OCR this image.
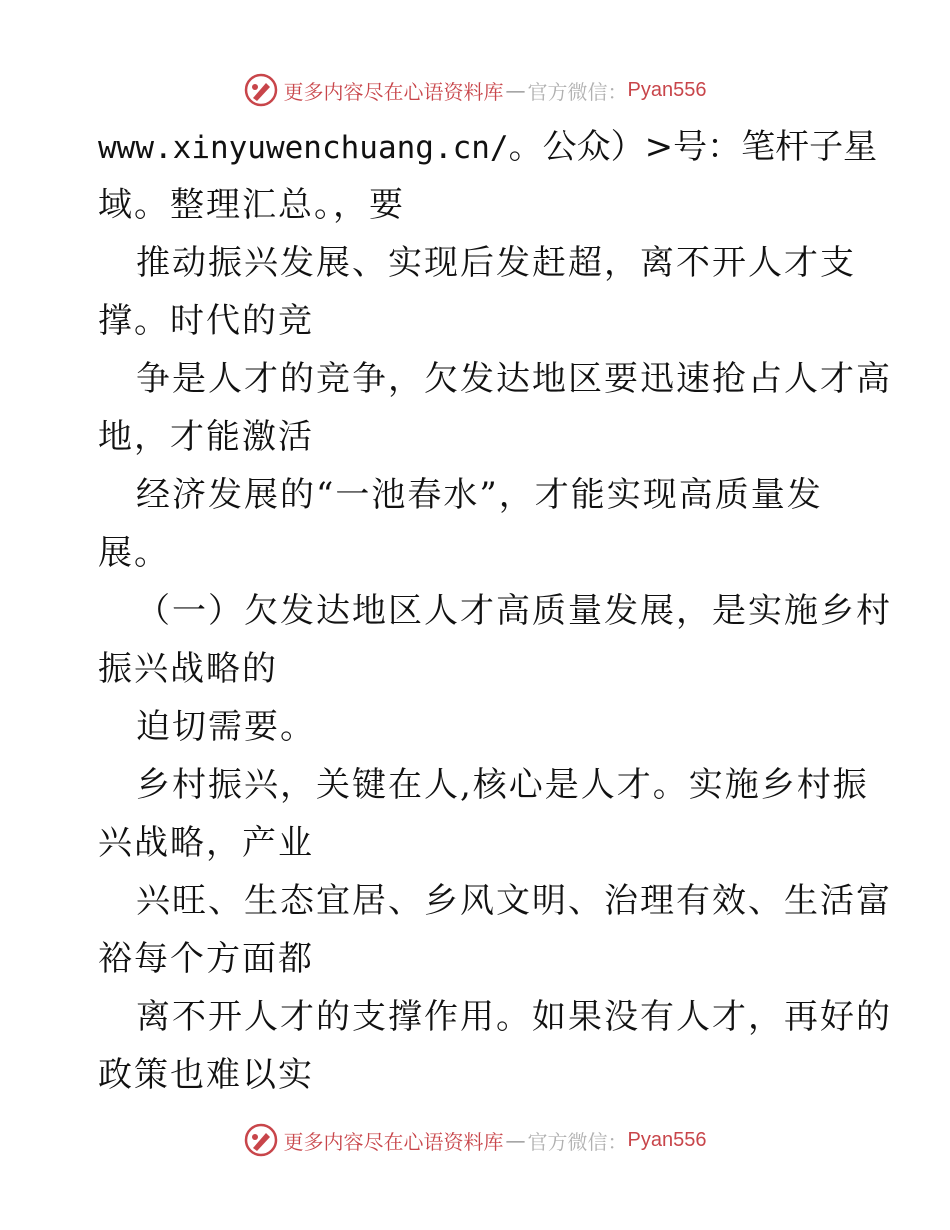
更多内容尽在心语资料库 — 官方微信： Pyan556
www.xinyuwenchuang.cn/。公众）>号：笔杆子星
域。整理汇总。，要
推动振兴发展、实现后发赶超，离不开人才支
撑。时代的竞
争是人才的竞争，欠发达地区要迅速抢占人才高
地，才能激活
经济发展的“一池春水”，才能实现高质量发
展。
（一）欠发达地区人才高质量发展，是实施乡村
振兴战略的
迫切需要。
乡村振兴，关键在人,核心是人才。实施乡村振
兴战略，产业
兴旺、生态宜居、乡风文明、治理有效、生活富
裕每个方面都
离不开人才的支撑作用。如果没有人才，再好的
政策也难以实
更多内容尽在心语资料库 — 官方微信： Pyan556
